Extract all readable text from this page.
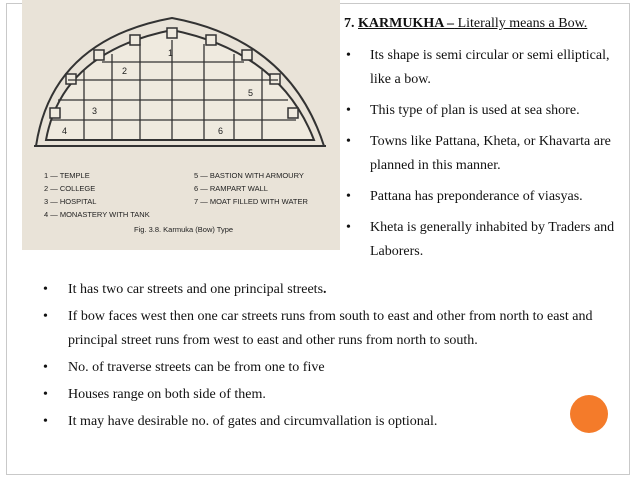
1
2
3
4
5
6
1 — TEMPLE
2 — COLLEGE
3 — HOSPITAL
4 — MONASTERY WITH TANK
5 — BASTION WITH ARMOURY
6 — RAMPART WALL
7 — MOAT FILLED WITH WATER
Fig. 3.8. Karmuka (Bow) Type
7. KARMUKHA – Literally means a Bow.
• Its shape is semi circular or semi elliptical, like a bow.
• This type of plan is used at sea shore.
• Towns like Pattana, Kheta, or Khavarta are planned in this manner.
• Pattana has preponderance of viasyas.
• Kheta is generally inhabited by Traders and Laborers.
• It has two car streets and one principal streets.
• If bow faces west then one car streets runs from south to east and other from north to east and principal street runs from west to east and other runs from north to south.
• No. of traverse streets can be from one to five
• Houses range on both side of them.
• It may have desirable no. of gates and circumvallation is optional.
